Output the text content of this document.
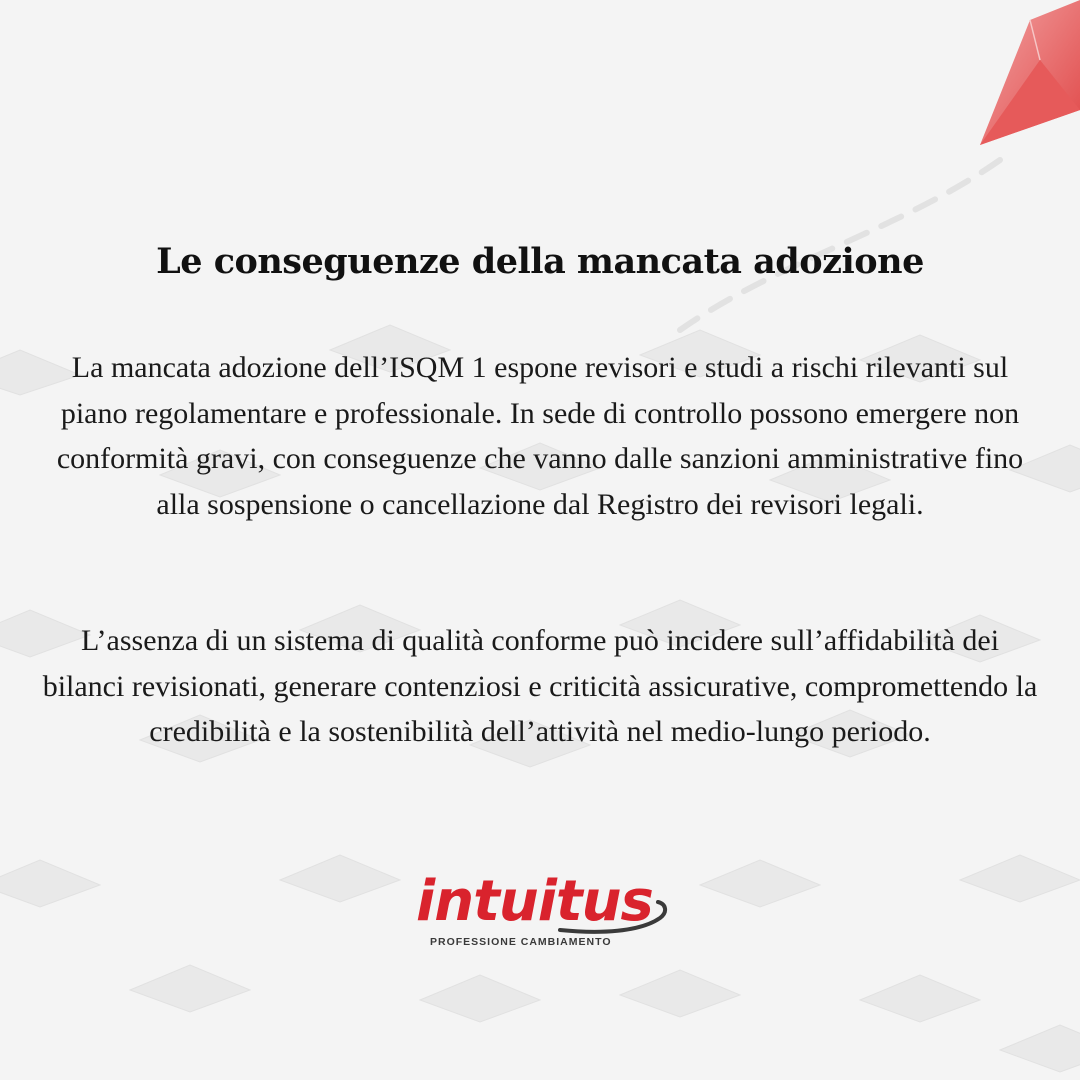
Le conseguenze della mancata adozione

La mancata adozione dell’ISQM 1 espone revisori e studi a rischi rilevanti sul piano regolamentare e professionale. In sede di controllo possono emergere non conformità gravi, con conseguenze che vanno dalle sanzioni amministrative fino alla sospensione o cancellazione dal Registro dei revisori legali.

L’assenza di un sistema di qualità conforme può incidere sull’affidabilità dei bilanci revisionati, generare contenziosi e criticità assicurative, compromettendo la credibilità e la sostenibilità dell’attività nel medio-lungo periodo.

intuitus
PROFESSIONE CAMBIAMENTO
